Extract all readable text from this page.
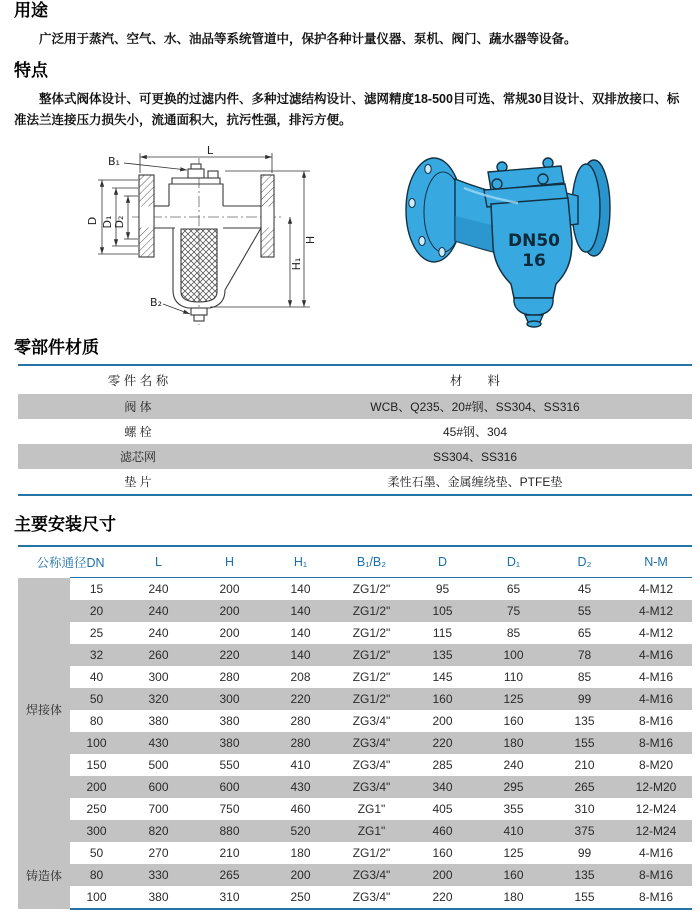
用途

广泛用于蒸汽、空气、水、油品等系统管道中，保护各种计量仪器、泵机、阀门、蔬水器等设备。

特点

整体式阀体设计、可更换的过滤内件、多种过滤结构设计、滤网精度18-500目可选、常规30目设计、双排放接口、标准法兰连接压力损失小，流通面积大，抗污性强，排污方便。

L
B₁
D D₁ D₂
H
H₁
B₂
DN50
16
零部件材质
零 件 名 称	材　　料
阀 体	WCB、Q235、20#钢、SS304、SS316
螺 栓	45#钢、304
滤芯网	SS304、SS316
垫 片	柔性石墨、金属缠绕垫、PTFE垫
主要安装尺寸
公称通径DN		L	H	H₁	B₁/B₂	D	D₁	D₂	N-M
焊接体	15	240	200	140	ZG1/2"	95	65	45	4-M12
	20	240	200	140	ZG1/2"	105	75	55	4-M12
	25	240	200	140	ZG1/2"	115	85	65	4-M12
	32	260	220	140	ZG1/2"	135	100	78	4-M16
	40	300	280	208	ZG1/2"	145	110	85	4-M16
	50	320	300	220	ZG1/2"	160	125	99	4-M16
	80	380	380	280	ZG3/4"	200	160	135	8-M16
	100	430	380	280	ZG3/4"	220	180	155	8-M16
	150	500	550	410	ZG3/4"	285	240	210	8-M20
	200	600	600	430	ZG3/4"	340	295	265	12-M20
	250	700	750	460	ZG1"	405	355	310	12-M24
	300	820	880	520	ZG1"	460	410	375	12-M24
铸造体	50	270	210	180	ZG1/2"	160	125	99	4-M16
	80	330	265	200	ZG3/4"	200	160	135	8-M16
	100	380	310	250	ZG3/4"	220	180	155	8-M16
